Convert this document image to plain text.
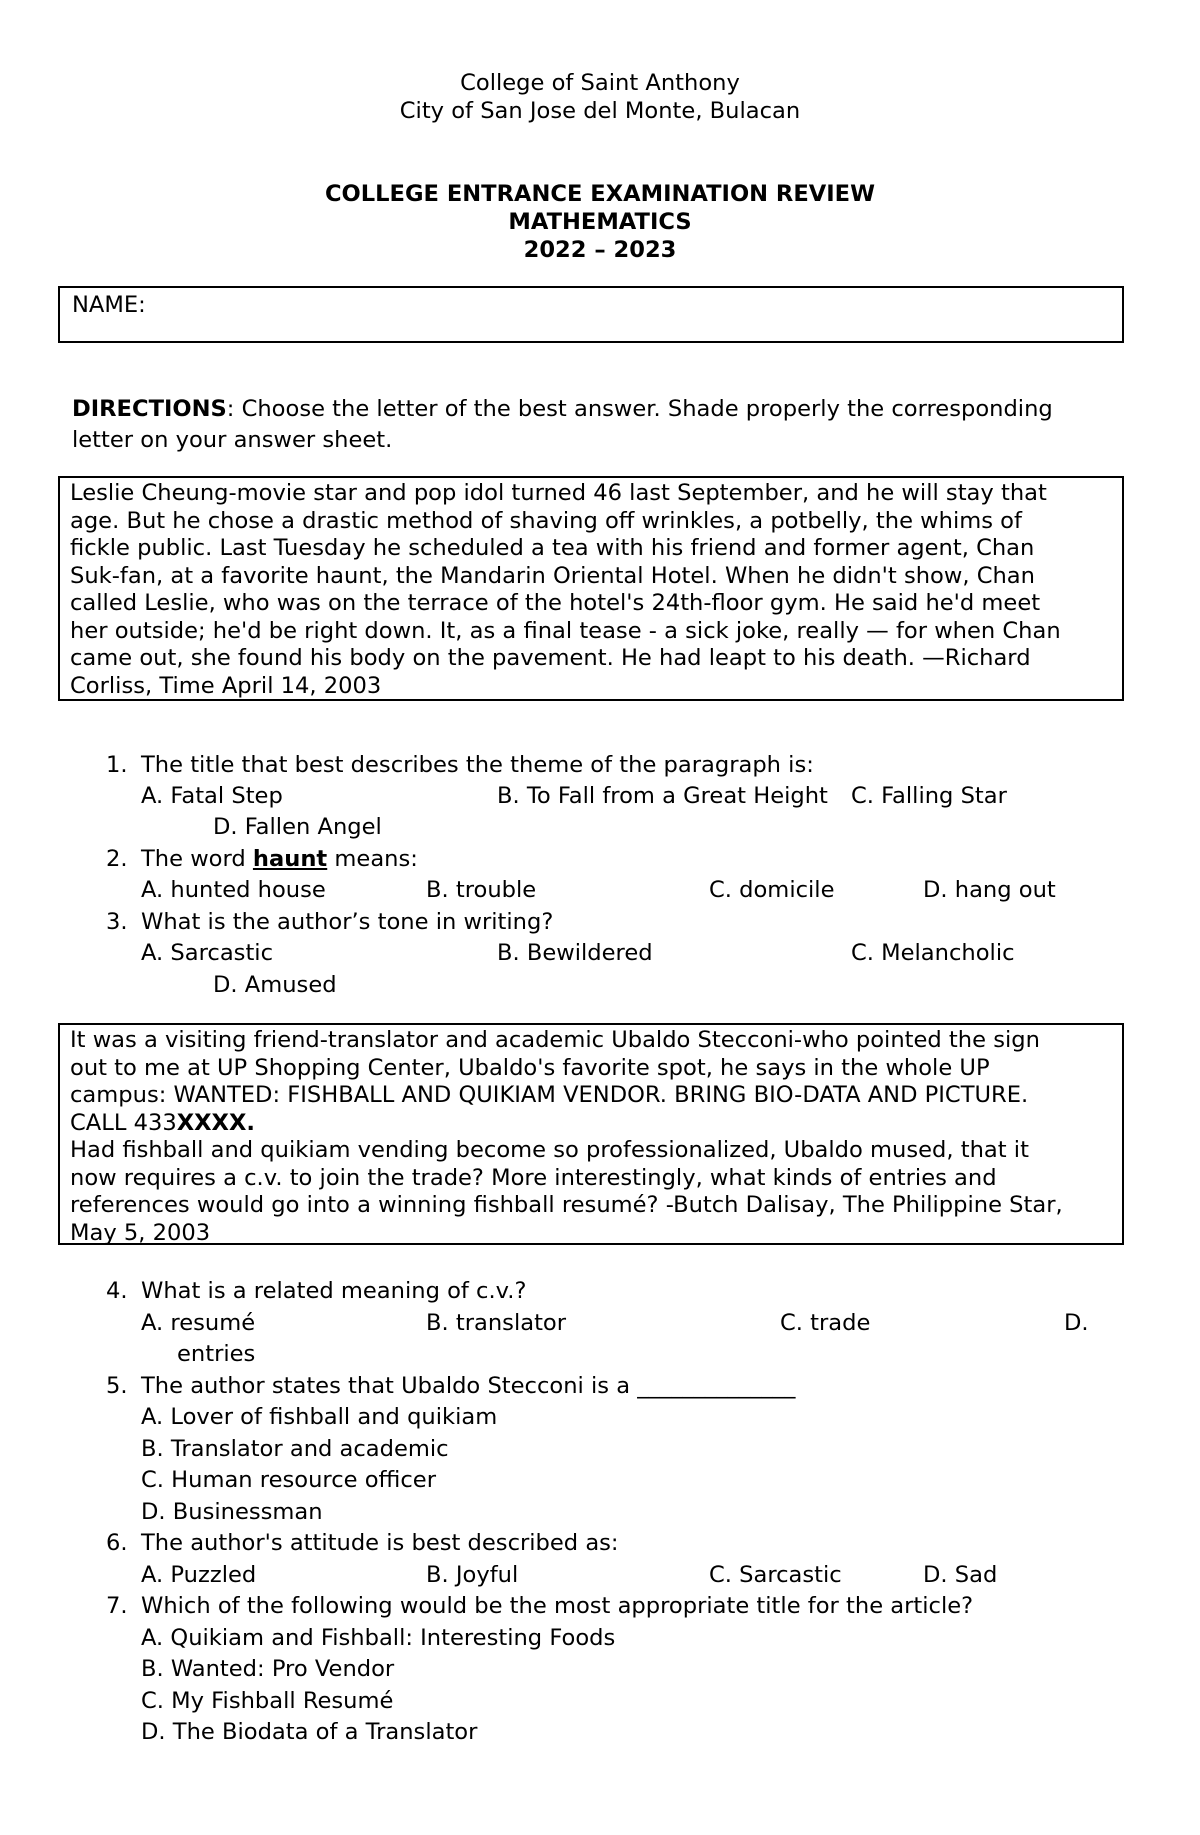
College of Saint Anthony
City of San Jose del Monte, Bulacan
COLLEGE ENTRANCE EXAMINATION REVIEW
MATHEMATICS
2022 – 2023
NAME:
DIRECTIONS: Choose the letter of the best answer. Shade properly the corresponding
letter on your answer sheet.
Leslie Cheung-movie star and pop idol turned 46 last September, and he will stay that
age. But he chose a drastic method of shaving off wrinkles, a potbelly, the whims of
fickle public. Last Tuesday he scheduled a tea with his friend and former agent, Chan
Suk-fan, at a favorite haunt, the Mandarin Oriental Hotel. When he didn't show, Chan
called Leslie, who was on the terrace of the hotel's 24th-floor gym. He said he'd meet
her outside; he'd be right down. It, as a final tease - a sick joke, really — for when Chan
came out, she found his body on the pavement. He had leapt to his death. —Richard
Corliss, Time April 14, 2003
1. The title that best describes the theme of the paragraph is:
A. Fatal Step	B. To Fall from a Great Height C. Falling Star
D. Fallen Angel
2. The word haunt means:
A. hunted house	B. trouble	C. domicile	D. hang out
3. What is the author’s tone in writing?
A. Sarcastic	B. Bewildered	C. Melancholic
D. Amused
It was a visiting friend-translator and academic Ubaldo Stecconi-who pointed the sign
out to me at UP Shopping Center, Ubaldo's favorite spot, he says in the whole UP
campus: WANTED: FISHBALL AND QUIKIAM VENDOR. BRING BIO-DATA AND PICTURE.
CALL 433XXXX.
Had fishball and quikiam vending become so professionalized, Ubaldo mused, that it
now requires a c.v. to join the trade? More interestingly, what kinds of entries and
references would go into a winning fishball resumé? -Butch Dalisay, The Philippine Star,
May 5, 2003
4. What is a related meaning of c.v.?
A. resumé	B. translator	C. trade	D.
entries
5. The author states that Ubaldo Stecconi is a ______________
A. Lover of fishball and quikiam
B. Translator and academic
C. Human resource officer
D. Businessman
6. The author's attitude is best described as:
A. Puzzled	B. Joyful	C. Sarcastic	D. Sad
7. Which of the following would be the most appropriate title for the article?
A. Quikiam and Fishball: Interesting Foods
B. Wanted: Pro Vendor
C. My Fishball Resumé
D. The Biodata of a Translator
